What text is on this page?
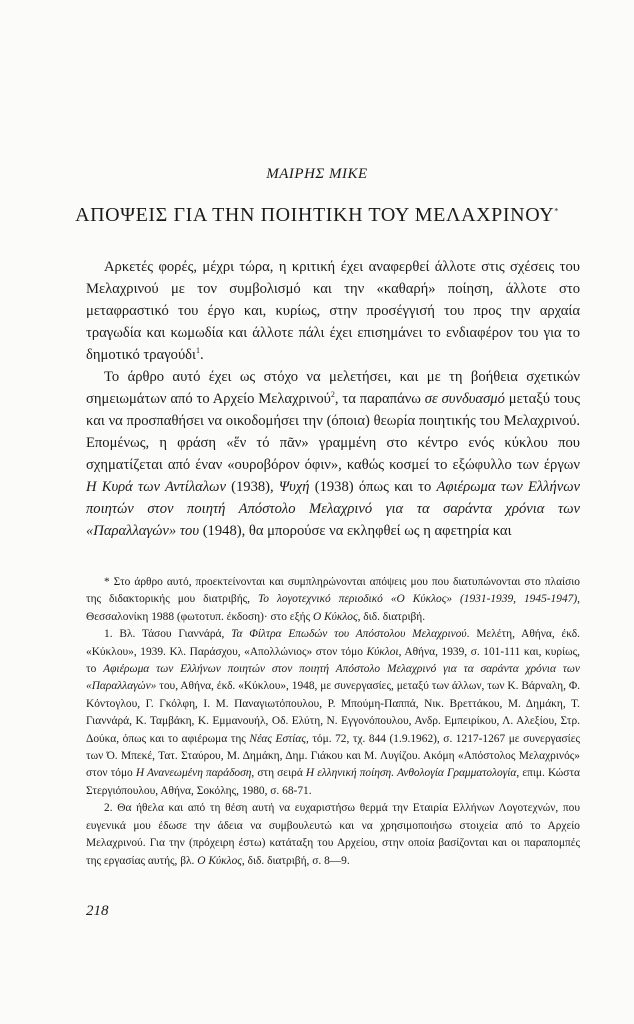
ΜΑΙΡΗΣ ΜΙΚΕ
ΑΠΟΨΕΙΣ ΓΙΑ ΤΗΝ ΠΟΙΗΤΙΚΗ ΤΟΥ ΜΕΛΑΧΡΙΝΟΥ*

Αρκετές φορές, μέχρι τώρα, η κριτική έχει αναφερθεί άλλοτε στις σχέσεις του Μελαχρινού με τον συμβολισμό και την «καθαρή» ποίηση, άλλοτε στο μεταφραστικό του έργο και, κυρίως, στην προσέγγισή του προς την αρχαία τραγωδία και κωμωδία και άλλοτε πάλι έχει επισημάνει το ενδιαφέρον του για το δημοτικό τραγούδι$^1$.

Το άρθρο αυτό έχει ως στόχο να μελετήσει, και με τη βοήθεια σχετικών σημειωμάτων από το Αρχείο Μελαχρινού$^2$, τα παραπάνω σε συνδυασμό μεταξύ τους και να προσπαθήσει να οικοδομήσει την (όποια) θεωρία ποιητικής του Μελαχρινού. Επομένως, η φράση «ἕν τό πᾶν» γραμμένη στο κέντρο ενός κύκλου που σχηματίζεται από έναν «ουροβόρον όφιν», καθώς κοσμεί το εξώφυλλο των έργων Η Κυρά των Αντίλαλων (1938), Ψυχή (1938) όπως και το Αφιέρωμα των Ελλήνων ποιητών στον ποιητή Απόστολο Μελαχρινό για τα σαράντα χρόνια των «Παραλλαγών» του (1948), θα μπορούσε να εκληφθεί ως η αφετηρία και

* Στο άρθρο αυτό, προεκτείνονται και συμπληρώνονται απόψεις μου που διατυπώνονται στο πλαίσιο της διδακτορικής μου διατριβής, Το λογοτεχνικό περιοδικό «Ο Κύκλος» (1931-1939, 1945-1947), Θεσσαλονίκη 1988 (φωτοτυπ. έκδοση)· στο εξής Ο Κύκλος, διδ. διατριβή.

1. Βλ. Τάσου Γιαννάρά, Τα Φίλτρα Επωδών του Απόστολου Μελαχρινού. Μελέτη, Αθήνα, έκδ. «Κύκλου», 1939. Κλ. Παράσχου, «Απολλώνιος» στον τόμο Κύκλοι, Αθήνα, 1939, σ. 101-111 και, κυρίως, το Αφιέρωμα των Ελλήνων ποιητών στον ποιητή Απόστολο Μελαχρινό για τα σαράντα χρόνια των «Παραλλαγών» του, Αθήνα, έκδ. «Κύκλου», 1948, με συνεργασίες, μεταξύ των άλλων, των Κ. Βάρναλη, Φ. Κόντογλου, Γ. Γκόλφη, Ι. Μ. Παναγιωτόπουλου, Ρ. Μπούμη-Παππά, Νικ. Βρεττάκου, Μ. Δημάκη, Τ. Γιαννάρά, Κ. Ταμβάκη, Κ. Εμμανουήλ, Οδ. Ελύτη, Ν. Εγγονόπουλου, Ανδρ. Εμπειρίκου, Λ. Αλεξίου, Στρ. Δούκα, όπως και το αφιέρωμα της Νέας Εστίας, τόμ. 72, τχ. 844 (1.9.1962), σ. 1217-1267 με συνεργασίες των Ό. Μπεκέ, Τατ. Σταύρου, Μ. Δημάκη, Δημ. Γιάκου και Μ. Λυγίζου. Ακόμη «Απόστολος Μελαχρινός» στον τόμο Η Ανανεωμένη παράδοση, στη σειρά Η ελληνική ποίηση. Ανθολογία Γραμματολογία, επιμ. Κώστα Στεργιόπουλου, Αθήνα, Σοκόλης, 1980, σ. 68-71.

2. Θα ήθελα και από τη θέση αυτή να ευχαριστήσω θερμά την Εταιρία Ελλήνων Λογοτεχνών, που ευγενικά μου έδωσε την άδεια να συμβουλευτώ και να χρησιμοποιήσω στοιχεία από το Αρχείο Μελαχρινού. Για την (πρόχειρη έστω) κατάταξη του Αρχείου, στην οποία βασίζονται και οι παραπομπές της εργασίας αυτής, βλ. Ο Κύκλος, διδ. διατριβή, σ. 8—9.

218
